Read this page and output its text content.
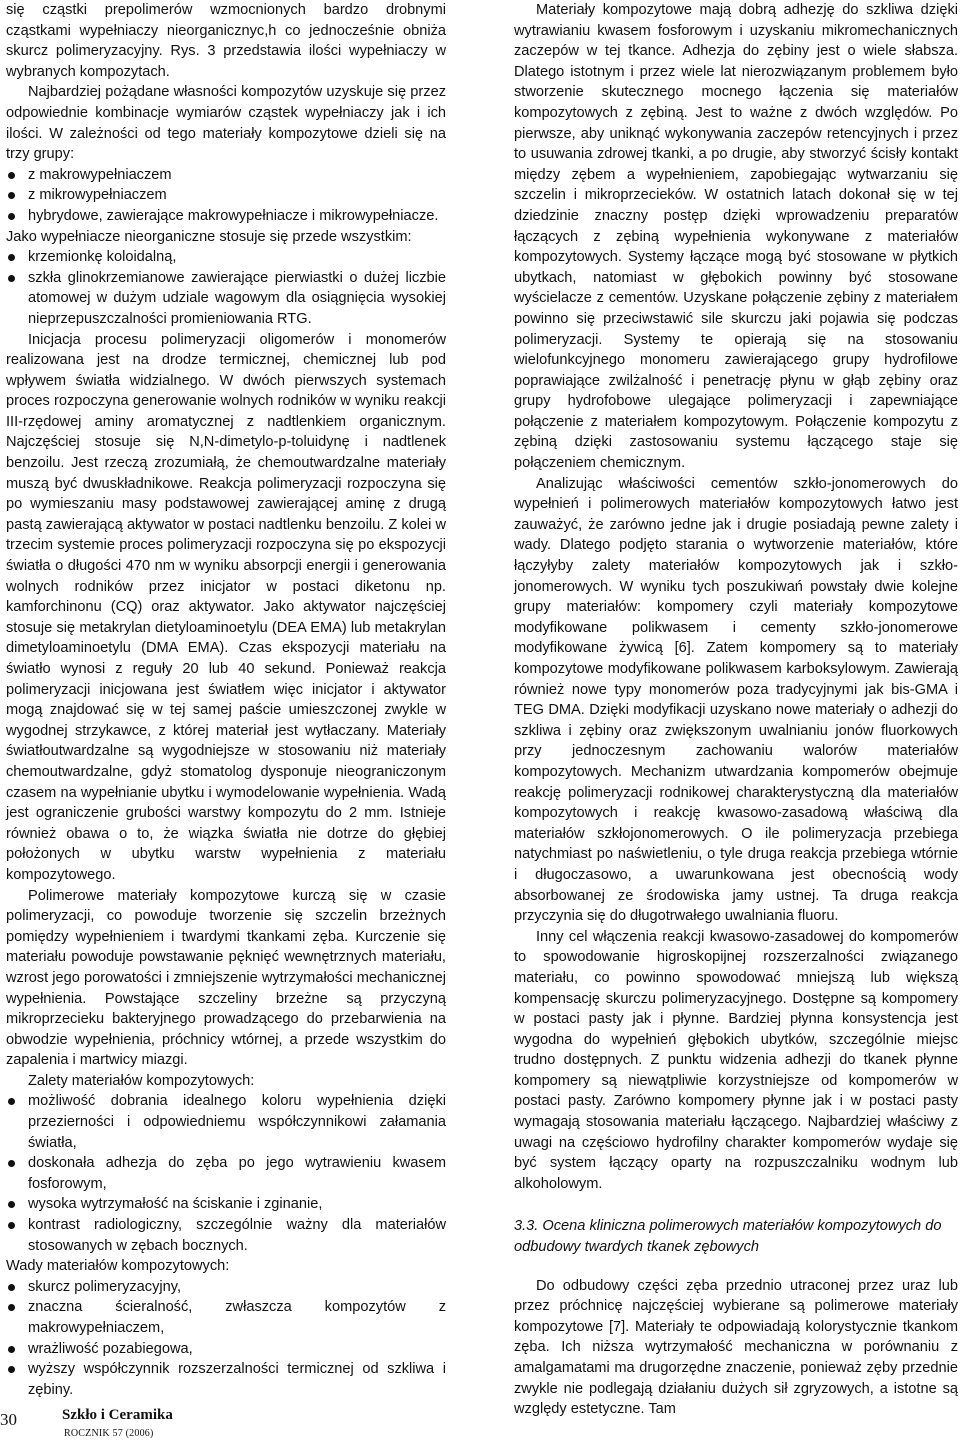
się cząstki prepolimerów wzmocnionych bardzo drobnymi cząstkami wypełniaczy nieorganicznyc,h co jednocześnie obniża skurcz polimeryzacyjny. Rys. 3 przedstawia ilości wypełniaczy w wybranych kompozytach.

Najbardziej pożądane własności kompozytów uzyskuje się przez odpowiednie kombinacje wymiarów cząstek wypełniaczy jak i ich ilości. W zależności od tego materiały kompozytowe dzieli się na trzy grupy:

z makrowypełniaczem
z mikrowypełniaczem
hybrydowe, zawierające makrowypełniacze i mikrowypełniacze.

Jako wypełniacze nieorganiczne stosuje się przede wszystkim:

krzemionkę koloidalną,
szkła glinokrzemianowe zawierające pierwiastki o dużej liczbie atomowej w dużym udziale wagowym dla osiągnięcia wysokiej nieprzepuszczalności promieniowania RTG.

Inicjacja procesu polimeryzacji oligomerów i monomerów realizowana jest na drodze termicznej, chemicznej lub pod wpływem światła widzialnego. W dwóch pierwszych systemach proces rozpoczyna generowanie wolnych rodników w wyniku reakcji III-rzędowej aminy aromatycznej z nadtlenkiem organicznym. Najczęściej stosuje się N,N-dimetylo-p-toluidynę i nadtlenek benzoilu. Jest rzeczą zrozumiałą, że chemoutwardzalne materiały muszą być dwuskładnikowe. Reakcja polimeryzacji rozpoczyna się po wymieszaniu masy podstawowej zawierającej aminę z drugą pastą zawierającą aktywator w postaci nadtlenku benzoilu. Z kolei w trzecim systemie proces polimeryzacji rozpoczyna się po ekspozycji światła o długości 470 nm w wyniku absorpcji energii i generowania wolnych rodników przez inicjator w postaci diketonu np. kamforchinonu (CQ) oraz aktywator. Jako aktywator najczęściej stosuje się metakrylan dietyloaminoetylu (DEA EMA) lub metakrylan dimetyloaminoetylu (DMA EMA). Czas ekspozycji materiału na światło wynosi z reguły 20 lub 40 sekund. Ponieważ reakcja polimeryzacji inicjowana jest światłem więc inicjator i aktywator mogą znajdować się w tej samej paście umieszczonej zwykle w wygodnej strzykawce, z której materiał jest wytłaczany. Materiały światłoutwardzalne są wygodniejsze w stosowaniu niż materiały chemoutwardzalne, gdyż stomatolog dysponuje nieograniczonym czasem na wypełnianie ubytku i wymodelowanie wypełnienia. Wadą jest ograniczenie grubości warstwy kompozytu do 2 mm. Istnieje również obawa o to, że wiązka światła nie dotrze do głębiej położonych w ubytku warstw wypełnienia z materiału kompozytowego.

Polimerowe materiały kompozytowe kurczą się w czasie polimeryzacji, co powoduje tworzenie się szczelin brzeżnych pomiędzy wypełnieniem i twardymi tkankami zęba. Kurczenie się materiału powoduje powstawanie pęknięć wewnętrznych materiału, wzrost jego porowatości i zmniejszenie wytrzymałości mechanicznej wypełnienia. Powstające szczeliny brzeżne są przyczyną mikroprzecieku bakteryjnego prowadzącego do przebarwienia na obwodzie wypełnienia, próchnicy wtórnej, a przede wszystkim do zapalenia i martwicy miazgi.

Zalety materiałów kompozytowych:

możliwość dobrania idealnego koloru wypełnienia dzięki przezierności i odpowiedniemu współczynnikowi załamania światła,
doskonała adhezja do zęba po jego wytrawieniu kwasem fosforowym,
wysoka wytrzymałość na ściskanie i zginanie,
kontrast radiologiczny, szczególnie ważny dla materiałów stosowanych w zębach bocznych.

Wady materiałów kompozytowych:

skurcz polimeryzacyjny,
znaczna ścieralność, zwłaszcza kompozytów z makrowypełniaczem,
wrażliwość pozabiegowa,
wyższy współczynnik rozszerzalności termicznej od szkliwa i zębiny.

Materiały kompozytowe mają dobrą adhezję do szkliwa dzięki wytrawianiu kwasem fosforowym i uzyskaniu mikromechanicznych zaczepów w tej tkance. Adhezja do zębiny jest o wiele słabsza. Dlatego istotnym i przez wiele lat nierozwiązanym problemem było stworzenie skutecznego mocnego łączenia się materiałów kompozytowych z zębiną. Jest to ważne z dwóch względów. Po pierwsze, aby uniknąć wykonywania zaczepów retencyjnych i przez to usuwania zdrowej tkanki, a po drugie, aby stworzyć ścisły kontakt między zębem a wypełnieniem, zapobiegając wytwarzaniu się szczelin i mikroprzecieków. W ostatnich latach dokonał się w tej dziedzinie znaczny postęp dzięki wprowadzeniu preparatów łączących z zębiną wypełnienia wykonywane z materiałów kompozytowych. Systemy łączące mogą być stosowane w płytkich ubytkach, natomiast w głębokich powinny być stosowane wyścielacze z cementów. Uzyskane połączenie zębiny z materiałem powinno się przeciwstawić sile skurczu jaki pojawia się podczas polimeryzacji. Systemy te opierają się na stosowaniu wielofunkcyjnego monomeru zawierającego grupy hydrofilowe poprawiające zwilżalność i penetrację płynu w głąb zębiny oraz grupy hydrofobowe ulegające polimeryzacji i zapewniające połączenie z materiałem kompozytowym. Połączenie kompozytu z zębiną dzięki zastosowaniu systemu łączącego staje się połączeniem chemicznym.

Analizując właściwości cementów szkło-jonomerowych do wypełnień i polimerowych materiałów kompozytowych łatwo jest zauważyć, że zarówno jedne jak i drugie posiadają pewne zalety i wady. Dlatego podjęto starania o wytworzenie materiałów, które łączyłyby zalety materiałów kompozytowych jak i szkło-jonomerowych. W wyniku tych poszukiwań powstały dwie kolejne grupy materiałów: kompomery czyli materiały kompozytowe modyfikowane polikwasem i cementy szkło-jonomerowe modyfikowane żywicą [6]. Zatem kompomery są to materiały kompozytowe modyfikowane polikwasem karboksylowym. Zawierają również nowe typy monomerów poza tradycyjnymi jak bis-GMA i TEG DMA. Dzięki modyfikacji uzyskano nowe materiały o adhezji do szkliwa i zębiny oraz zwiększonym uwalnianiu jonów fluorkowych przy jednoczesnym zachowaniu walorów materiałów kompozytowych. Mechanizm utwardzania kompomerów obejmuje reakcję polimeryzacji rodnikowej charakterystyczną dla materiałów kompozytowych i reakcję kwasowo-zasadową właściwą dla materiałów szkłojonomerowych. O ile polimeryzacja przebiega natychmiast po naświetleniu, o tyle druga reakcja przebiega wtórnie i długoczasowo, a uwarunkowana jest obecnością wody absorbowanej ze środowiska jamy ustnej. Ta druga reakcja przyczynia się do długotrwałego uwalniania fluoru.

Inny cel włączenia reakcji kwasowo-zasadowej do kompomerów to spowodowanie higroskopijnej rozszerzalności związanego materiału, co powinno spowodować mniejszą lub większą kompensację skurczu polimeryzacyjnego. Dostępne są kompomery w postaci pasty jak i płynne. Bardziej płynna konsystencja jest wygodna do wypełnień głębokich ubytków, szczególnie miejsc trudno dostępnych. Z punktu widzenia adhezji do tkanek płynne kompomery są niewątpliwie korzystniejsze od kompomerów w postaci pasty. Zarówno kompomery płynne jak i w postaci pasty wymagają stosowania materiału łączącego. Najbardziej właściwy z uwagi na częściowo hydrofilny charakter kompomerów wydaje się być system łączący oparty na rozpuszczalniku wodnym lub alkoholowym.

3.3. Ocena kliniczna polimerowych materiałów kompozytowych do odbudowy twardych tkanek zębowych

Do odbudowy części zęba przednio utraconej przez uraz lub przez próchnicę najczęściej wybierane są polimerowe materiały kompozytowe [7]. Materiały te odpowiadają kolorystycznie tkankom zęba. Ich niższa wytrzymałość mechaniczna w porównaniu z amalgamatami ma drugorzędne znaczenie, ponieważ zęby przednie zwykle nie podlegają działaniu dużych sił zgryzowych, a istotne są względy estetyczne. Tam

30	Szkło i Ceramika
ROCZNIK 57 (2006)
